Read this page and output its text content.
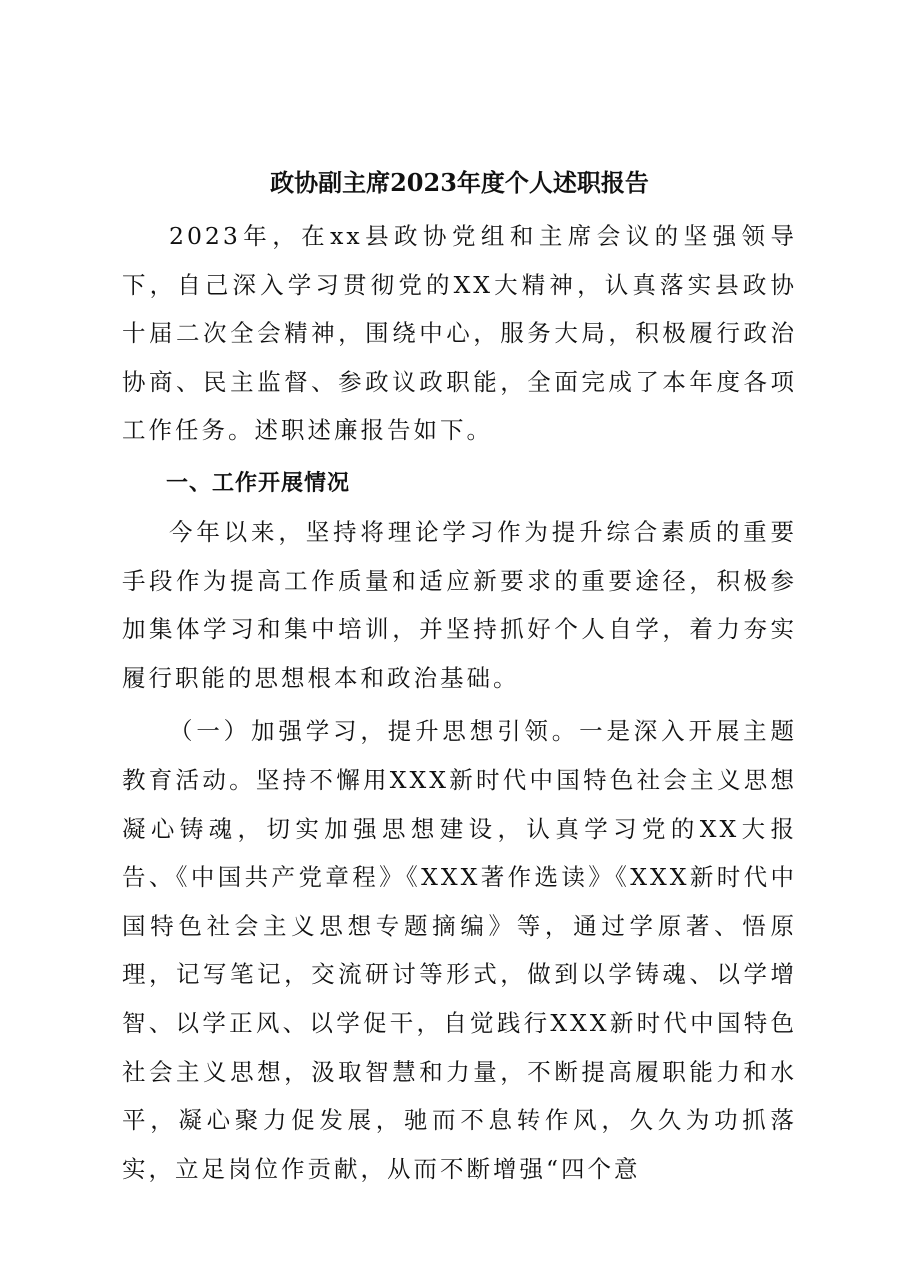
政协副主席2023年度个人述职报告

2023年，在xx县政协党组和主席会议的坚强领导下，自己深入学习贯彻党的XX大精神，认真落实县政协十届二次全会精神，围绕中心，服务大局，积极履行政治协商、民主监督、参政议政职能，全面完成了本年度各项工作任务。述职述廉报告如下。

一、工作开展情况

今年以来，坚持将理论学习作为提升综合素质的重要手段作为提高工作质量和适应新要求的重要途径，积极参加集体学习和集中培训，并坚持抓好个人自学，着力夯实履行职能的思想根本和政治基础。

（一）加强学习，提升思想引领。一是深入开展主题教育活动。坚持不懈用XXX新时代中国特色社会主义思想凝心铸魂，切实加强思想建设，认真学习党的XX大报告、《中国共产党章程》《XXX著作选读》《XXX新时代中国特色社会主义思想专题摘编》等，通过学原著、悟原理，记写笔记，交流研讨等形式，做到以学铸魂、以学增智、以学正风、以学促干，自觉践行XXX新时代中国特色社会主义思想，汲取智慧和力量，不断提高履职能力和水平，凝心聚力促发展，驰而不息转作风，久久为功抓落实，立足岗位作贡献，从而不断增强“四个意
